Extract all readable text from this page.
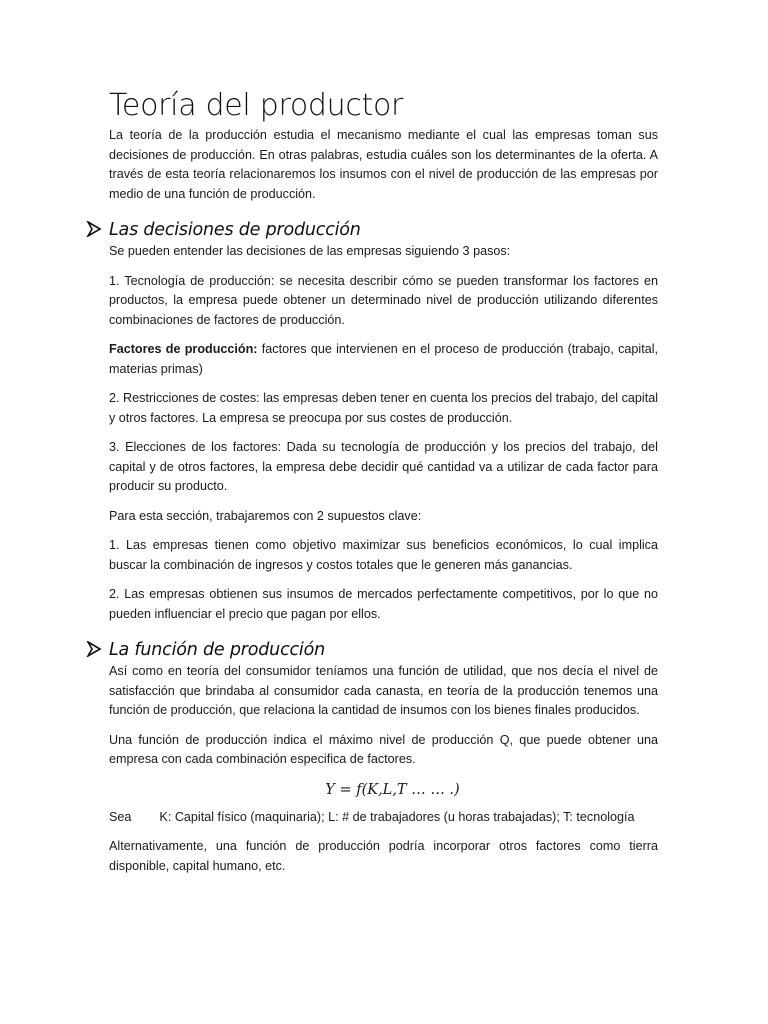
Teoría del productor

La teoría de la producción estudia el mecanismo mediante el cual las empresas toman sus decisiones de producción. En otras palabras, estudia cuáles son los determinantes de la oferta. A través de esta teoría relacionaremos los insumos con el nivel de producción de las empresas por medio de una función de producción.

Las decisiones de producción

Se pueden entender las decisiones de las empresas siguiendo 3 pasos:

1. Tecnología de producción: se necesita describir cómo se pueden transformar los factores en productos, la empresa puede obtener un determinado nivel de producción utilizando diferentes combinaciones de factores de producción.

Factores de producción: factores que intervienen en el proceso de producción (trabajo, capital, materias primas)

2. Restricciones de costes: las empresas deben tener en cuenta los precios del trabajo, del capital y otros factores. La empresa se preocupa por sus costes de producción.

3. Elecciones de los factores: Dada su tecnología de producción y los precios del trabajo, del capital y de otros factores, la empresa debe decidir qué cantidad va a utilizar de cada factor para producir su producto.

Para esta sección, trabajaremos con 2 supuestos clave:

1. Las empresas tienen como objetivo maximizar sus beneficios económicos, lo cual implica buscar la combinación de ingresos y costos totales que le generen más ganancias.

2. Las empresas obtienen sus insumos de mercados perfectamente competitivos, por lo que no pueden influenciar el precio que pagan por ellos.

La función de producción

Así como en teoría del consumidor teníamos una función de utilidad, que nos decía el nivel de satisfacción que brindaba al consumidor cada canasta, en teoría de la producción tenemos una función de producción, que relaciona la cantidad de insumos con los bienes finales producidos.

Una función de producción indica el máximo nivel de producción Q, que puede obtener una empresa con cada combinación especifica de factores.

Y = f(K,L,T … … .)

Sea K: Capital físico (maquinaria); L: # de trabajadores (u horas trabajadas); T: tecnología

Alternativamente, una función de producción podría incorporar otros factores como tierra disponible, capital humano, etc.
